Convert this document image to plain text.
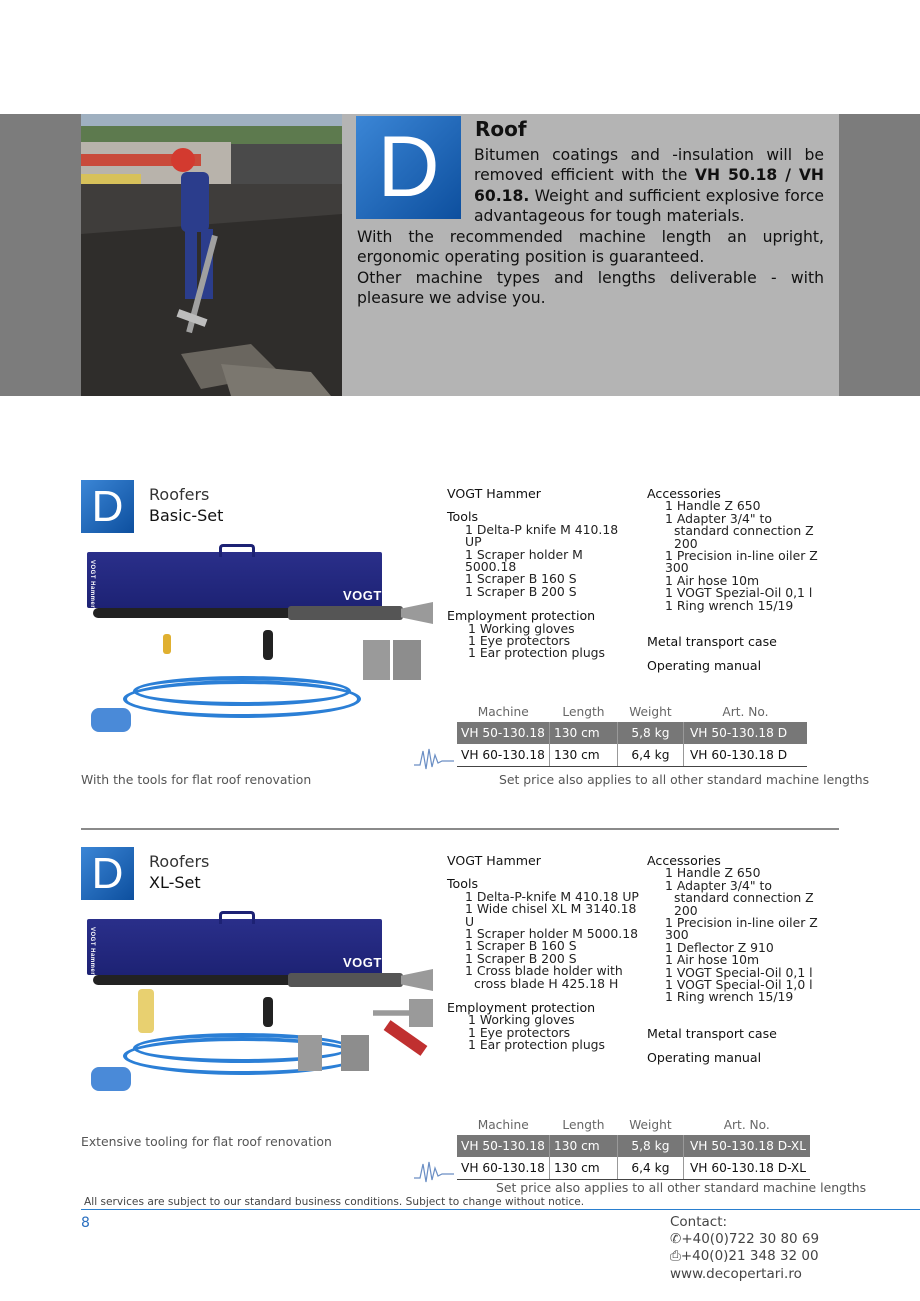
D	Roof
Bitumen coatings and -insulation will be removed efficient with the VH 50.18 / VH 60.18. Weight and sufficient explosive force advantageous for tough materials.
With the recommended machine length an upright, ergonomic operating position is guaranteed.
Other machine types and lengths deliverable - with pleasure we advise you.
D	Roofers
Basic-Set
VOGT
VOGT Hammer
VOGT Hammer
Tools
1 Delta-P knife M 410.18 UP
1 Scraper holder M 5000.18
1 Scraper B 160 S
1 Scraper B 200 S
Employment protection
1 Working gloves
1 Eye protectors
1 Ear protection plugs
Accessories
1 Handle Z 650
1 Adapter 3/4" to
standard connection Z 200
1 Precision in-line oiler Z 300
1 Air hose 10m
1 VOGT Spezial-Oil 0,1 l
1 Ring wrench 15/19
Metal transport case
Operating manual
Machine	Length	Weight	Art. No.
VH 50-130.18	130 cm	5,8 kg	VH 50-130.18 D
VH 60-130.18	130 cm	6,4 kg	VH 60-130.18 D
With the tools for flat roof renovation	Set price also applies to all other standard machine lengths
D	Roofers
XL-Set
VOGT
VOGT Hammer
VOGT Hammer
Tools
1 Delta-P-knife M 410.18 UP
1 Wide chisel XL M 3140.18 U
1 Scraper holder M 5000.18
1 Scraper B 160 S
1 Scraper B 200 S
1 Cross blade holder with
cross blade H 425.18 H
Employment protection
1 Working gloves
1 Eye protectors
1 Ear protection plugs
Accessories
1 Handle Z 650
1 Adapter 3/4" to
standard connection Z 200
1 Precision in-line oiler Z 300
1 Deflector Z 910
1 Air hose 10m
1 VOGT Special-Oil 0,1 l
1 VOGT Special-Oil 1,0 l
1 Ring wrench 15/19
Metal transport case
Operating manual
Machine	Length	Weight	Art. No.
VH 50-130.18	130 cm	5,8 kg	VH 50-130.18 D-XL
VH 60-130.18	130 cm	6,4 kg	VH 60-130.18 D-XL
Extensive tooling for flat roof renovation
Set price also applies to all other standard machine lengths
All services are subject to our standard business conditions. Subject to change without notice.
8	Contact:
✆+40(0)722 30 80 69
⎙+40(0)21 348 32 00
www.decopertari.ro
